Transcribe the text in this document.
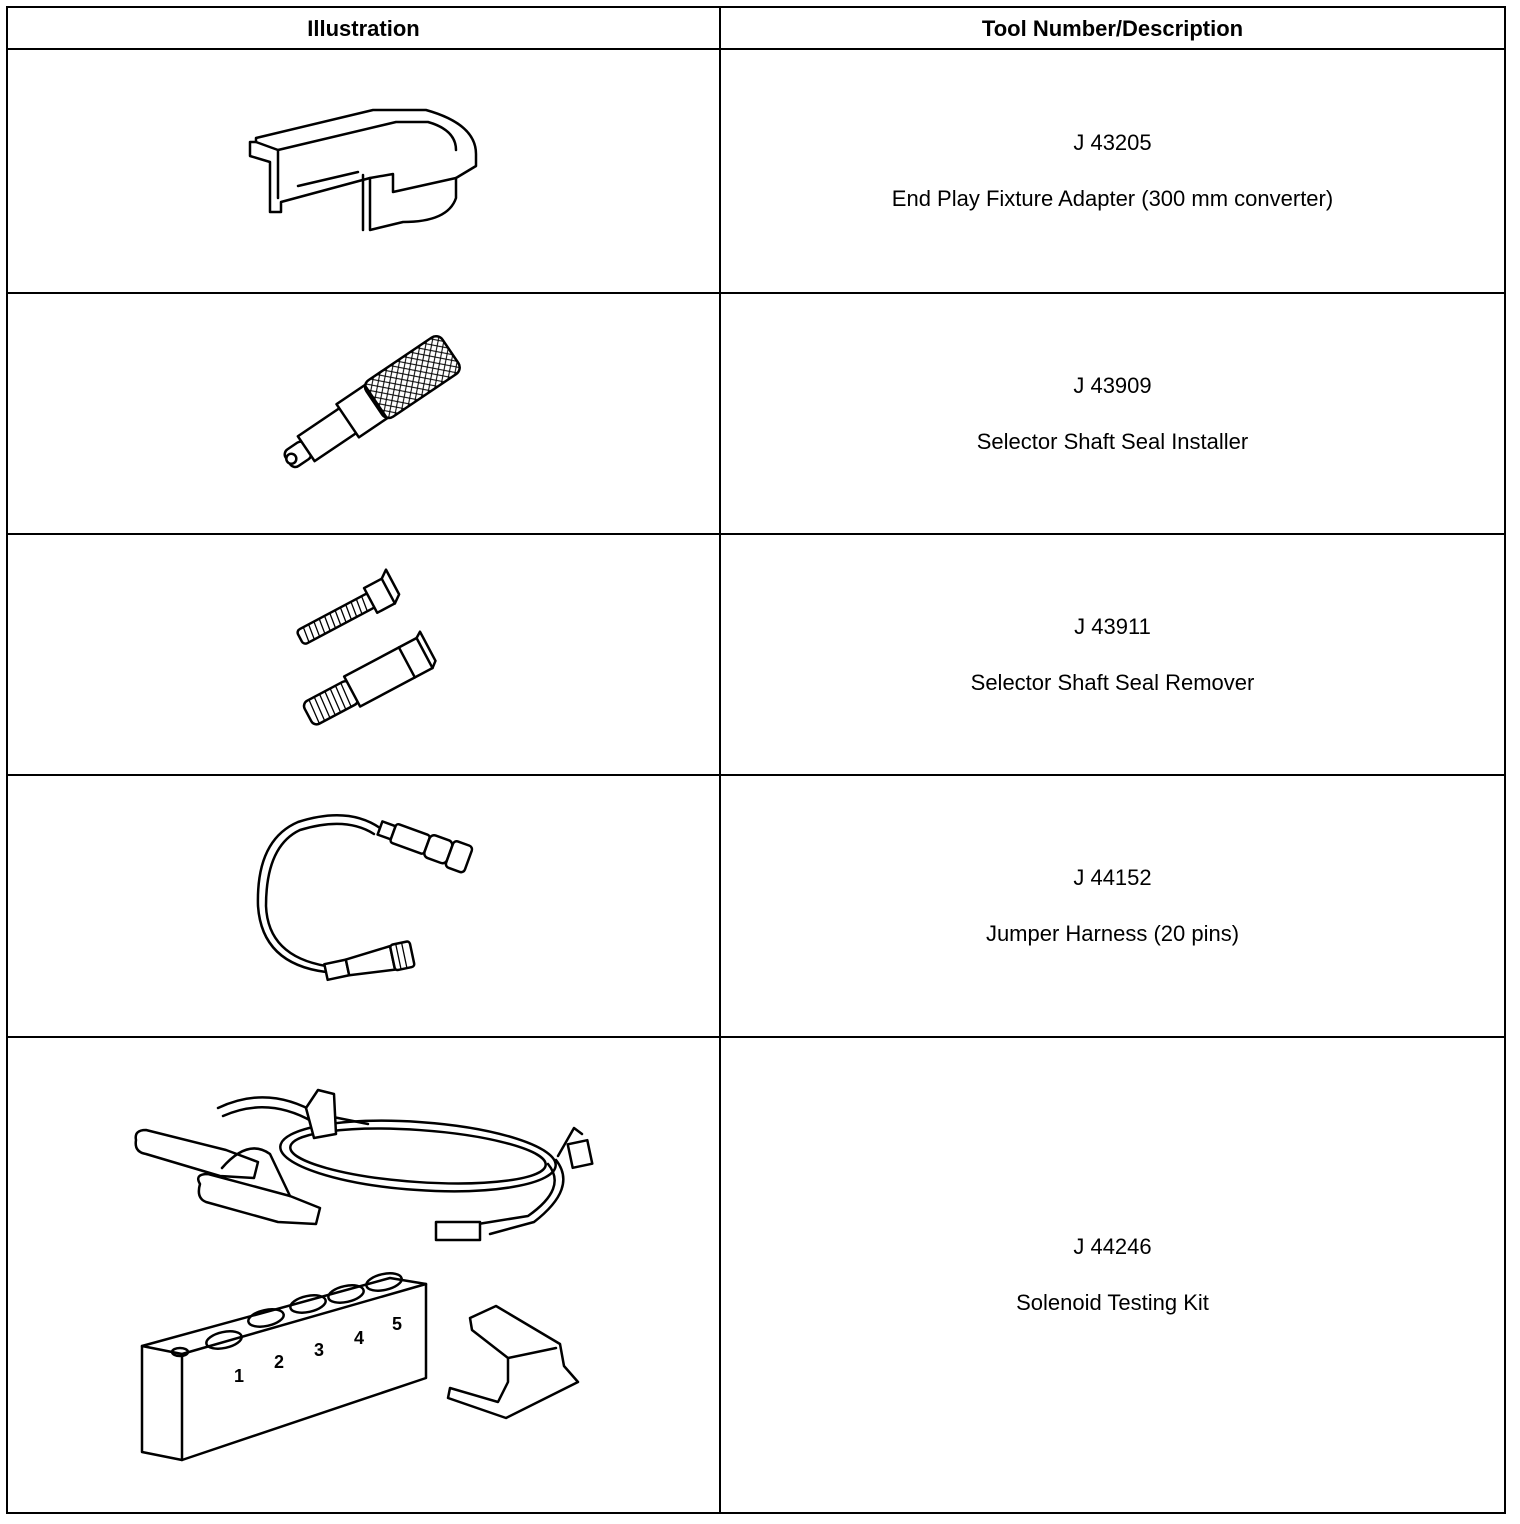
Illustration	Tool Number/Description
J 43205
End Play Fixture Adapter (300 mm converter)
J 43909
Selector Shaft Seal Installer
J 43911
Selector Shaft Seal Remover
J 44152
Jumper Harness (20 pins)
1
2
3
4
5
J 44246
Solenoid Testing Kit
